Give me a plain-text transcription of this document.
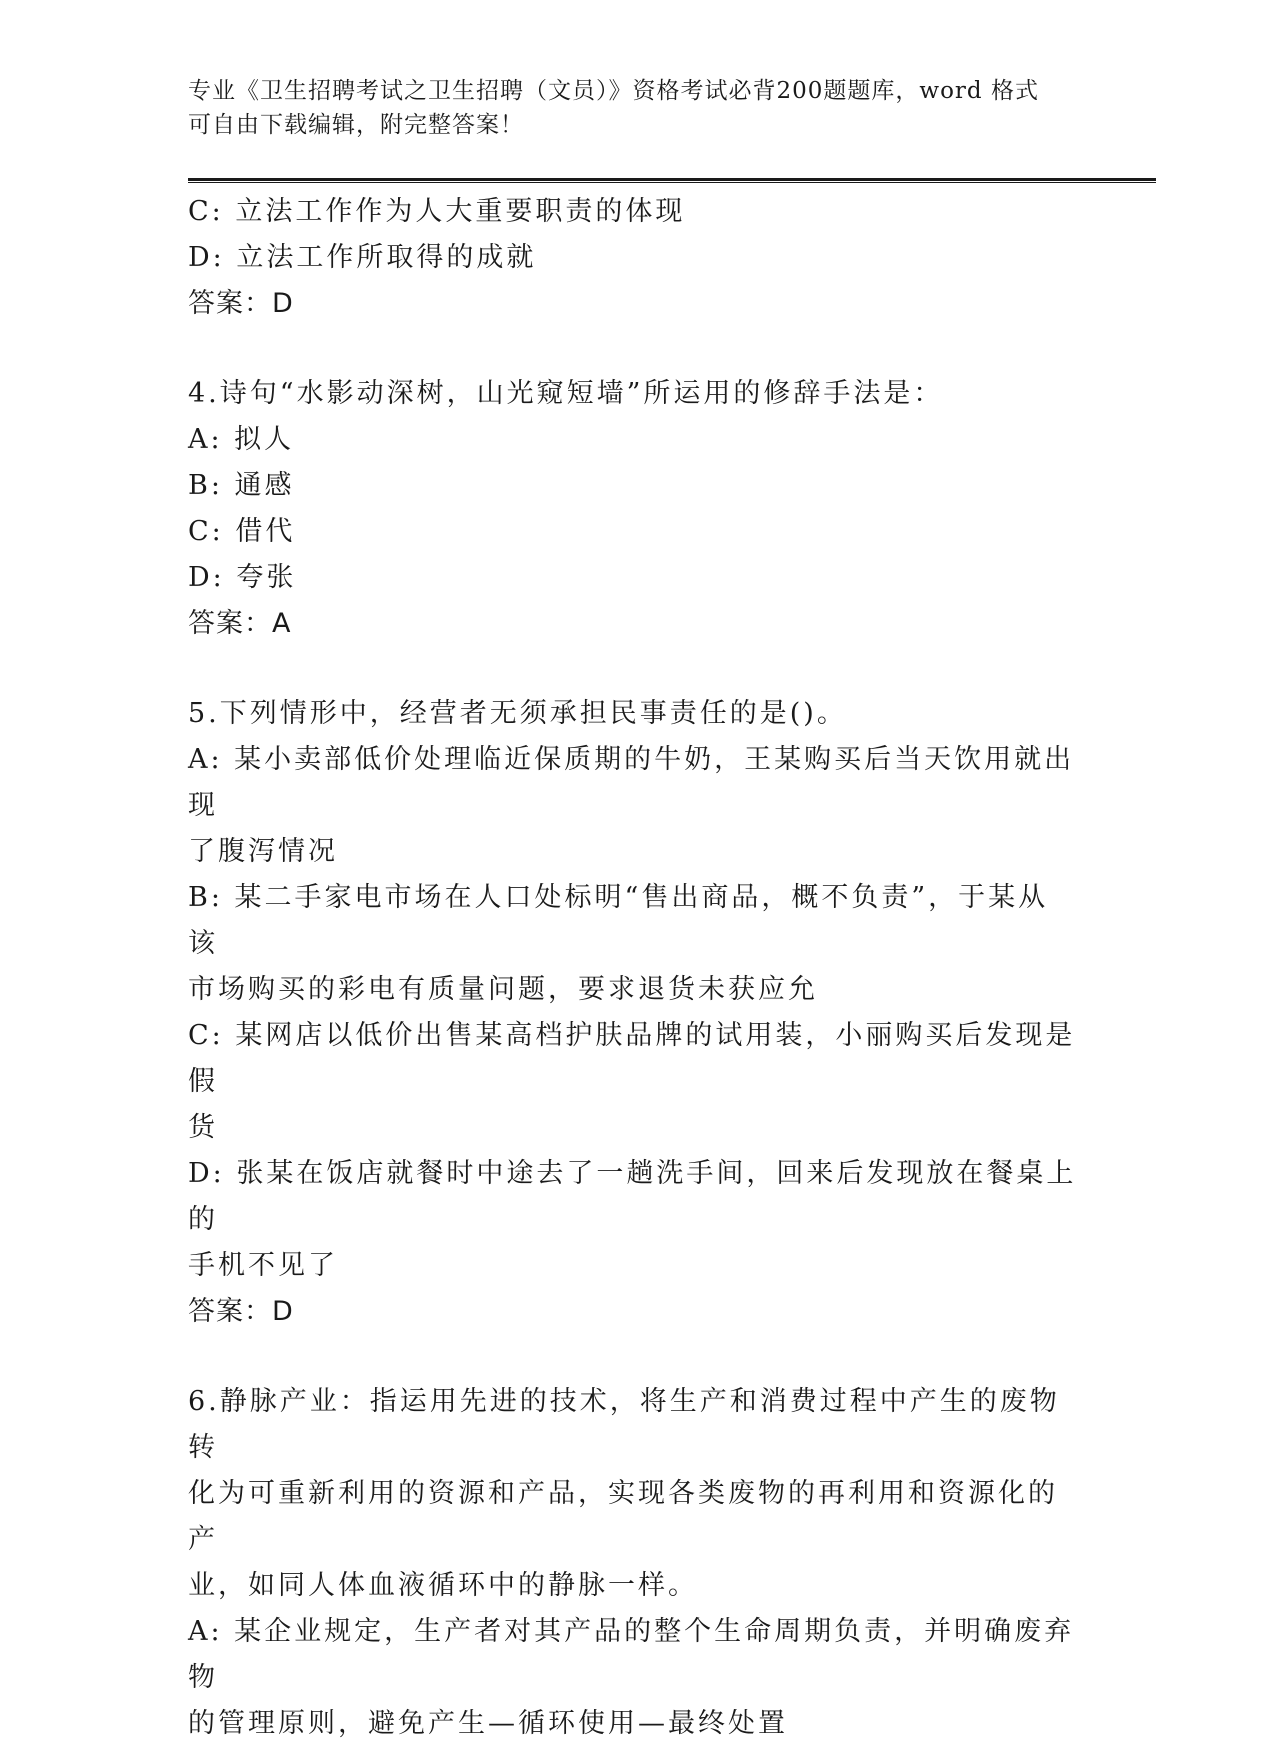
专业《卫生招聘考试之卫生招聘（文员）》资格考试必背200题题库，word 格式
可自由下载编辑，附完整答案！
C: 立法工作作为人大重要职责的体现
D: 立法工作所取得的成就
答案：D
4.诗句“水影动深树，山光窥短墙”所运用的修辞手法是：
A: 拟人
B: 通感
C: 借代
D: 夸张
答案：A
5.下列情形中，经营者无须承担民事责任的是()。
A: 某小卖部低价处理临近保质期的牛奶，王某购买后当天饮用就出现
了腹泻情况
B: 某二手家电市场在人口处标明“售出商品，概不负责”，于某从该
市场购买的彩电有质量问题，要求退货未获应允
C: 某网店以低价出售某高档护肤品牌的试用装，小丽购买后发现是假
货
D: 张某在饭店就餐时中途去了一趟洗手间，回来后发现放在餐桌上的
手机不见了
答案：D
6.静脉产业：指运用先进的技术，将生产和消费过程中产生的废物转
化为可重新利用的资源和产品，实现各类废物的再利用和资源化的产
业，如同人体血液循环中的静脉一样。
A: 某企业规定，生产者对其产品的整个生命周期负责，并明确废弃物
的管理原则，避免产生—循环使用—最终处置
